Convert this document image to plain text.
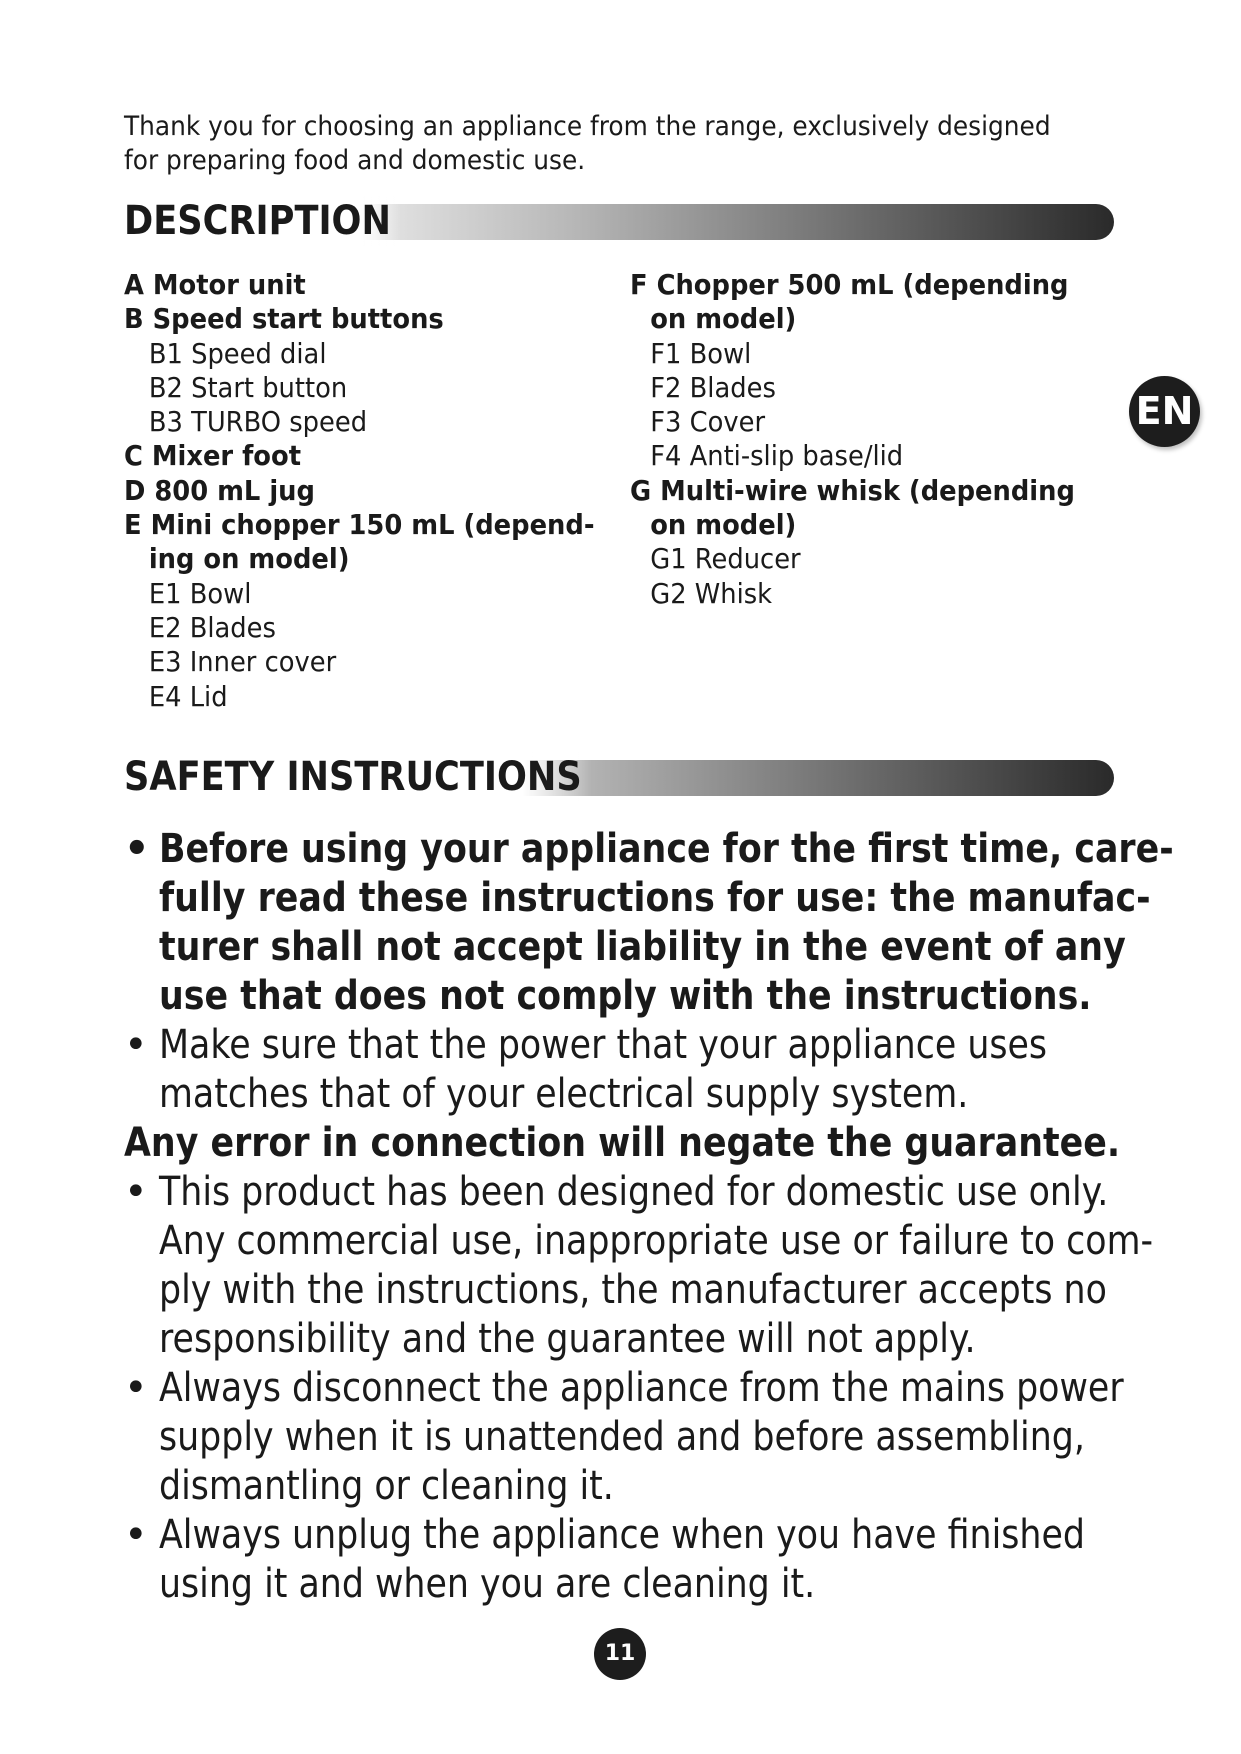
Thank you for choosing an appliance from the range, exclusively designed
for preparing food and domestic use.
DESCRIPTION
A Motor unit
B Speed start buttons
B1 Speed dial
B2 Start button
B3 TURBO speed
C Mixer foot
D 800 mL jug
E Mini chopper 150 mL (depend-
ing on model)
E1 Bowl
E2 Blades
E3 Inner cover
E4 Lid
F Chopper 500 mL (depending
on model)
F1 Bowl
F2 Blades
F3 Cover
F4 Anti-slip base/lid
G Multi-wire whisk (depending
on model)
G1 Reducer
G2 Whisk
EN
SAFETY INSTRUCTIONS
• Before using your appliance for the first time, care-
fully read these instructions for use: the manufac-
turer shall not accept liability in the event of any
use that does not comply with the instructions.
• Make sure that the power that your appliance uses
matches that of your electrical supply system.
Any error in connection will negate the guarantee.
• This product has been designed for domestic use only.
Any commercial use, inappropriate use or failure to com-
ply with the instructions, the manufacturer accepts no
responsibility and the guarantee will not apply.
• Always disconnect the appliance from the mains power
supply when it is unattended and before assembling,
dismantling or cleaning it.
• Always unplug the appliance when you have finished
using it and when you are cleaning it.
11
